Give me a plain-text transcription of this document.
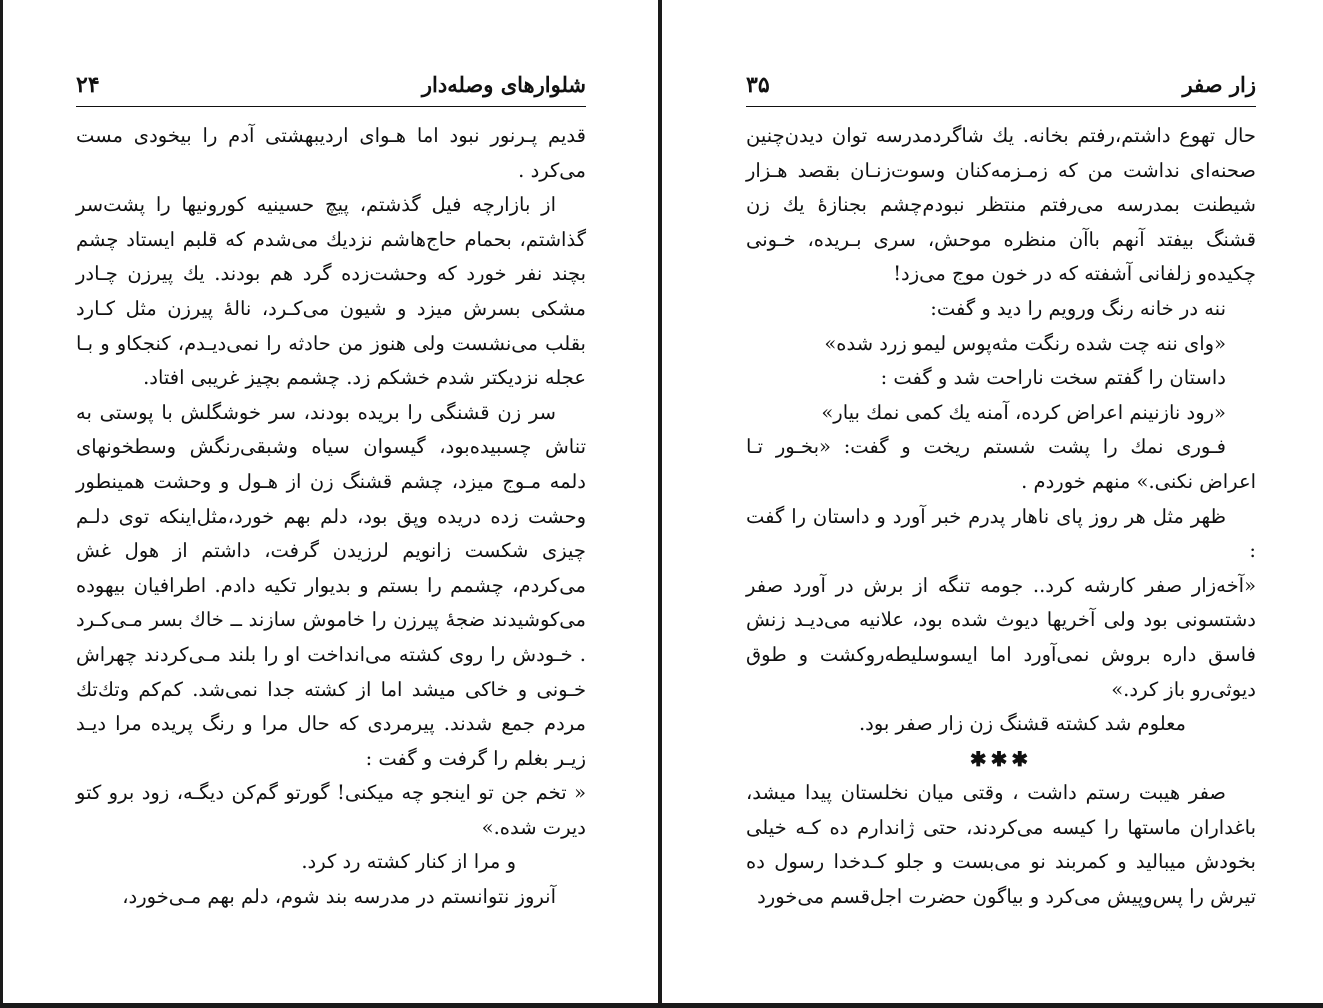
شلوارهای وصله‌دار
۲۴

قدیم پـرنور نبود اما هـوای اردیبهشتی آدم را بیخودی مست می‌کرد .

از بازارچه فیل گذشتم، پیچ حسینیه کورونیها را پشت‌سر گذاشتم، بحمام حاج‌هاشم نزدیك می‌شدم که قلبم ایستاد چشم بچند نفر خورد که وحشت‌زده گرد هم بودند. یك پیرزن چـادر مشکی بسرش میزد و شیون می‌کـرد، نالهٔ پیرزن مثل کـارد بقلب می‌نشست ولی هنوز من حادثه را نمی‌دیـدم، کنجکاو و بـا عجله نزدیکتر شدم خشکم زد. چشمم بچیز غریبی افتاد.

سر زن قشنگی را بریده بودند، سر خوشگلش با پوستی به تناش چسبیده‌بود، گیسوان سیاه وشبقی‌رنگش وسطخونهای دلمه مـوج میزد، چشم قشنگ زن از هـول و وحشت همینطور وحشت زده دریده وپق بود، دلم بهم خورد،مثل‌اینکه توی دلـم چیزی شکست زانویم لرزیدن گرفت، داشتم از هول غش می‌کردم، چشمم را بستم و بدیوار تکیه دادم. اطرافیان بیهوده می‌کوشیدند ضجهٔ پیرزن را خاموش سازند ــ خاك بسر مـی‌کـرد . خـودش را روی کشته می‌انداخت او را بلند مـی‌کردند چهراش خـونی و خاکی میشد اما از کشته جدا نمی‌شد. کم‌کم وتك‌تك مردم جمع شدند. پیرمردی که حال مرا و رنگ پریده مرا دیـد زیـر بغلم را گرفت و گفت :

« تخم جن تو اینجو چه میکنی! گورتو گم‌کن دیگـه، زود برو کتو دیرت شده.»

و مرا از کنار کشته رد کرد.

آنروز نتوانستم در مدرسه بند شوم، دلم بهم مـی‌خورد،

زار صفر
۳۵

حال تهوع داشتم،رفتم بخانه. یك شاگردمدرسه توان دیدن‌چنین صحنه‌ای نداشت من که زمـزمه‌کنان وسوت‌زنـان بقصد هـزار شیطنت بمدرسه می‌رفتم منتظر نبودم‌چشم بجنازهٔ یك زن قشنگ بیفتد آنهم باآن منظره موحش، سری بـریده، خـونی چکیده‌و زلفانی آشفته که در خون موج می‌زد!

ننه در خانه رنگ ورویم را دید و گفت:

«وای ننه چت شده رنگت مثه‌پوس لیمو زرد شده»

داستان را گفتم سخت ناراحت شد و گفت :

«رود نازنینم اعراض کرده، آمنه یك کمی نمك بیار»

فـوری نمك را پشت شستم ریخت و گفت: «بخـور تـا اعراض نکنی.» منهم خوردم .

ظهر مثل هر روز پای ناهار پدرم خبر آورد و داستان را گفت :

«آخه‌زار صفر کارشه کرد.. جومه تنگه از برش در آورد صفر دشتسونی بود ولی آخریها دیوث شده بود، علانیه می‌دیـد زنش فاسق داره بروش نمی‌آورد اما ایسوسلیطه‌روکشت و طوق دیوثی‌رو باز کرد.»

معلوم شد کشته قشنگ زن زار صفر بود.

✱✱✱

صفر هیبت رستم داشت ، وقتی میان نخلستان پیدا میشد، باغداران ماستها را کیسه می‌کردند، حتی ژاندارم ده کـه خیلی بخودش میبالید و کمربند نو می‌بست و جلو کـدخدا رسول ده تیرش را پس‌وپیش می‌کرد و بیاگون حضرت اجل‌قسم می‌خورد
